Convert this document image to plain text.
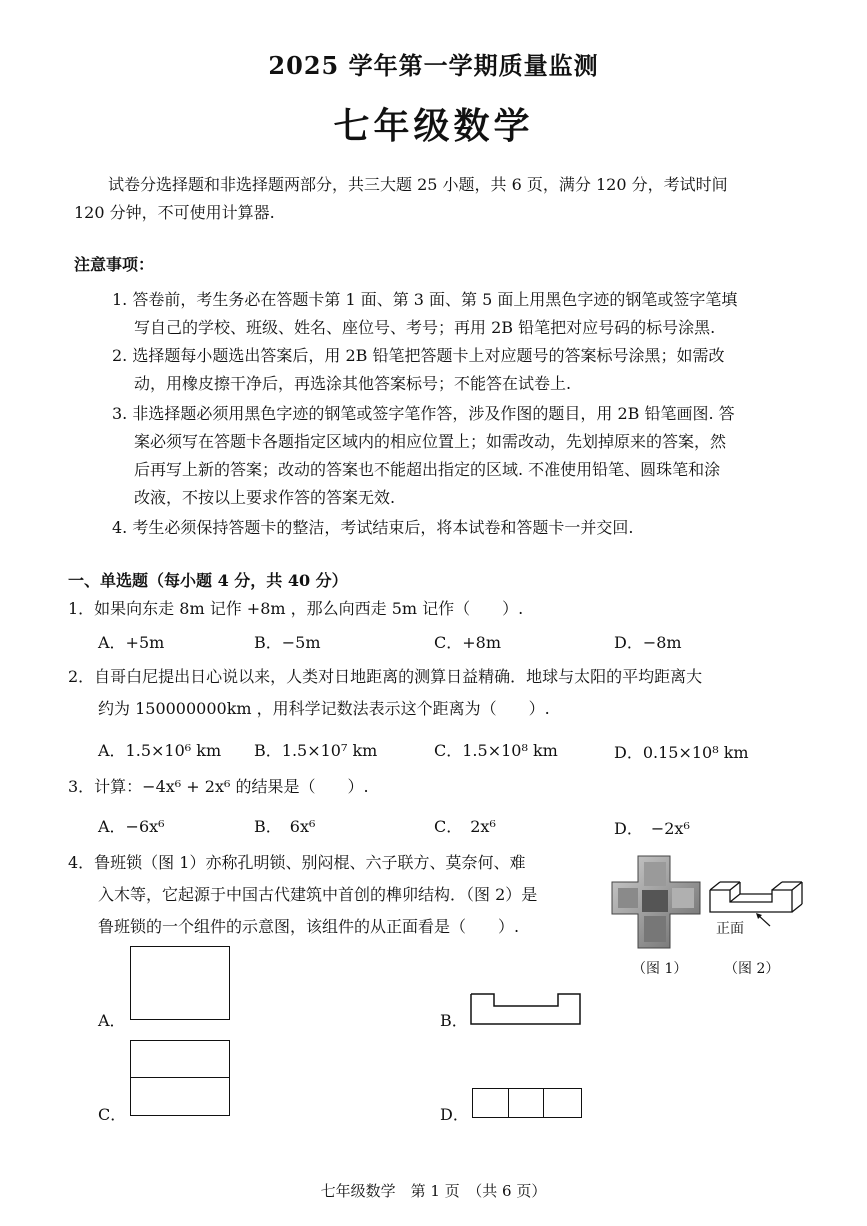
2025 学年第一学期质量监测
七年级数学
试卷分选择题和非选择题两部分，共三大题 25 小题，共 6 页，满分 120 分，考试时间
120 分钟，不可使用计算器.
注意事项：
1. 答卷前，考生务必在答题卡第 1 面、第 3 面、第 5 面上用黑色字迹的钢笔或签字笔填
写自己的学校、班级、姓名、座位号、考号；再用 2B 铅笔把对应号码的标号涂黑.
2. 选择题每小题选出答案后，用 2B 铅笔把答题卡上对应题号的答案标号涂黑；如需改
动，用橡皮擦干净后，再选涂其他答案标号；不能答在试卷上.
3. 非选择题必须用黑色字迹的钢笔或签字笔作答，涉及作图的题目，用 2B 铅笔画图. 答
案必须写在答题卡各题指定区域内的相应位置上；如需改动，先划掉原来的答案，然
后再写上新的答案；改动的答案也不能超出指定的区域. 不准使用铅笔、圆珠笔和涂
改液，不按以上要求作答的答案无效.
4. 考生必须保持答题卡的整洁，考试结束后，将本试卷和答题卡一并交回.
一、单选题（每小题 4 分，共 40 分）
1．如果向东走 8m 记作 +8m ，那么向西走 5m 记作（　　）.
A．+5m	B．−5m	C．+8m	D．−8m
2．自哥白尼提出日心说以来，人类对日地距离的测算日益精确．地球与太阳的平均距离大
约为 150000000km ，用科学记数法表示这个距离为（　　）.
A．1.5×10⁶ km B．1.5×10⁷ km	C．1.5×10⁸ km	D．0.15×10⁸ km
3．计算：−4x⁶ + 2x⁶ 的结果是（　　）.
A．−6x⁶	B．　6x⁶	C．　2x⁶	D．　−2x⁶
4．鲁班锁（图 1）亦称孔明锁、别闷棍、六子联方、莫奈何、难
入木等，它起源于中国古代建筑中首创的榫卯结构．（图 2）是
鲁班锁的一个组件的示意图，该组件的从正面看是（　　）.	正面
（图 1）	（图 2）
A．	B．
C．	D．
七年级数学　第 1 页　（共 6 页）
